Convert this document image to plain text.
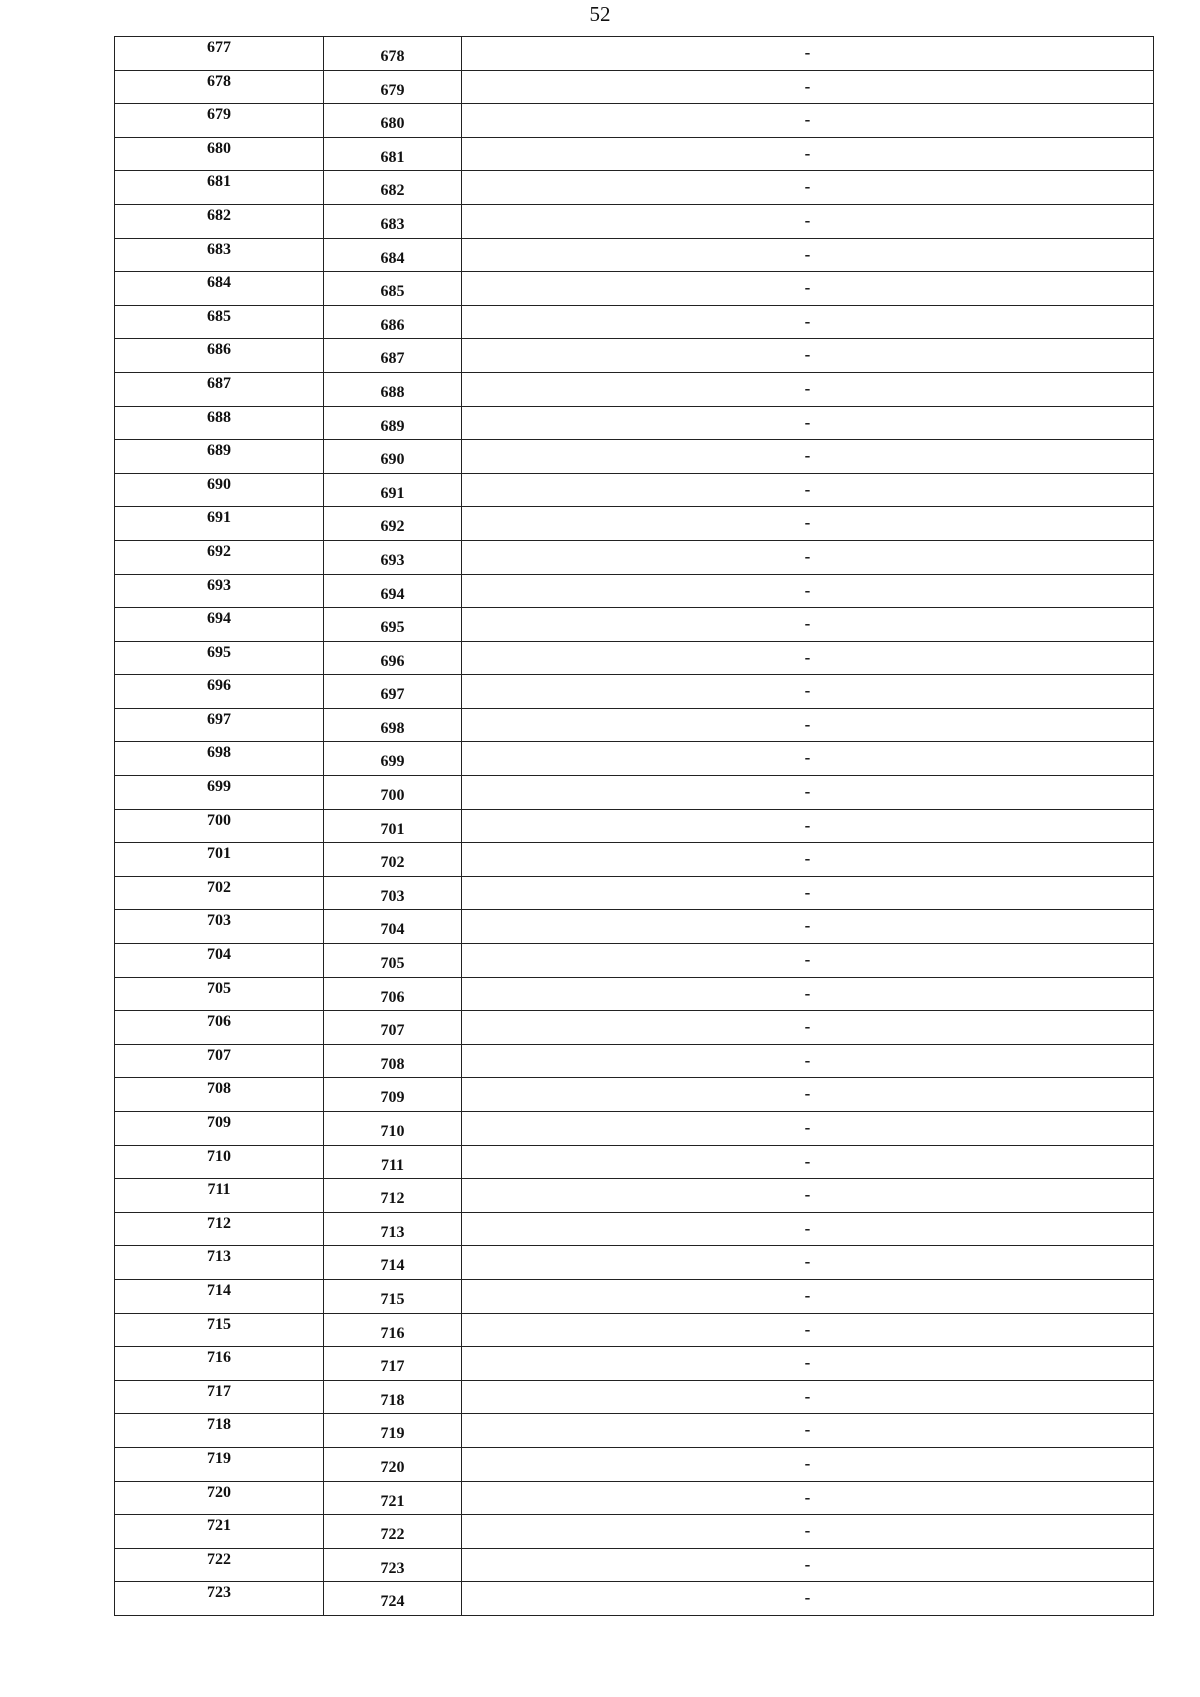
52
677	678	-

678	679	-

679	680	-

680	681	-

681	682	-

682	683	-

683	684	-

684	685	-

685	686	-

686	687	-

687	688	-

688	689	-

689	690	-

690	691	-

691	692	-

692	693	-

693	694	-

694	695	-

695	696	-

696	697	-

697	698	-

698	699	-

699	700	-

700	701	-

701	702	-

702	703	-

703	704	-

704	705	-

705	706	-

706	707	-

707	708	-

708	709	-

709	710	-

710	711	-

711	712	-

712	713	-

713	714	-

714	715	-

715	716	-

716	717	-

717	718	-

718	719	-

719	720	-

720	721	-

721	722	-

722	723	-

723	724	-
